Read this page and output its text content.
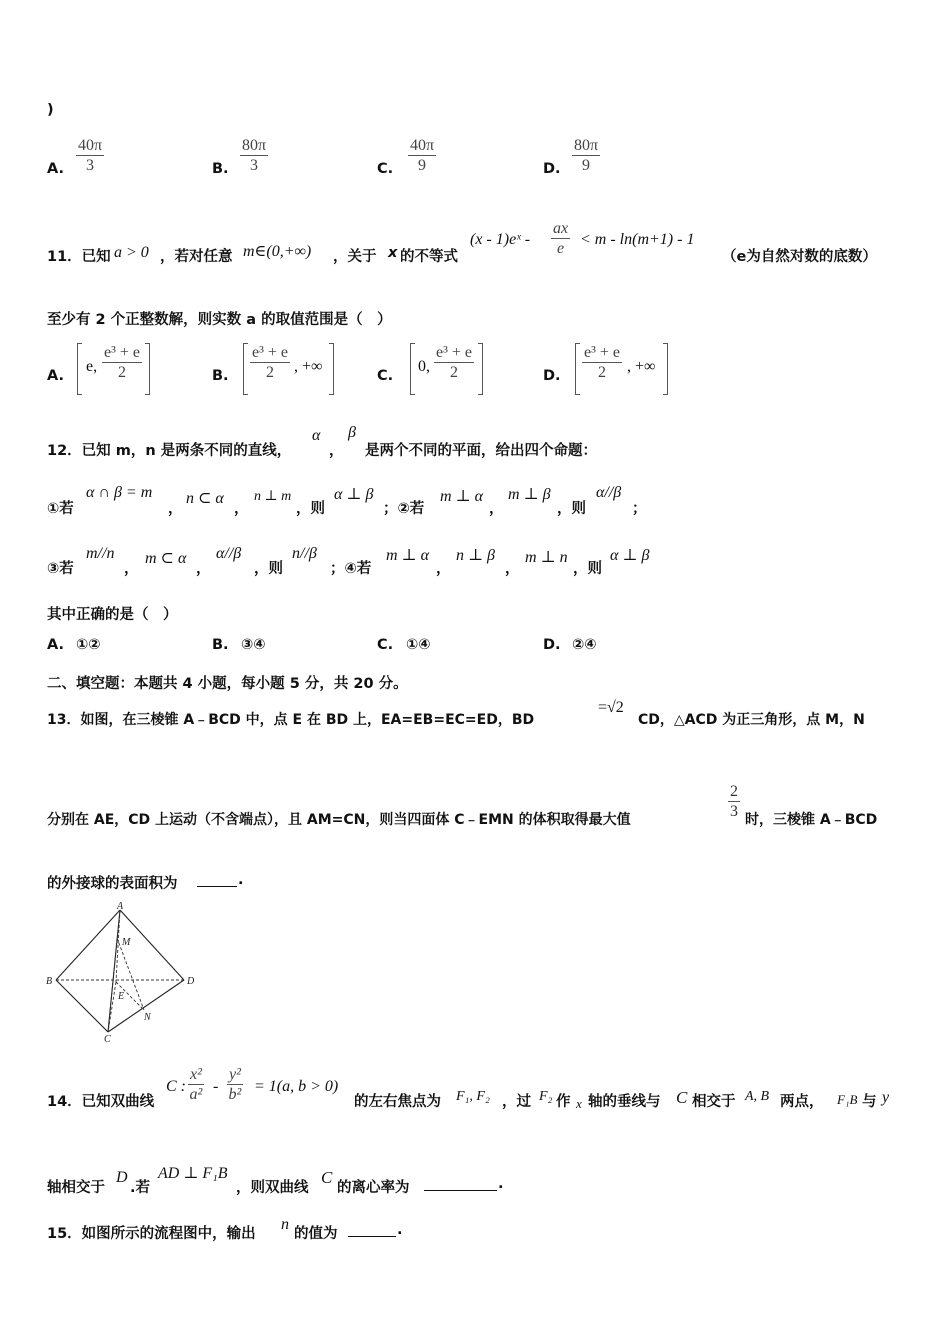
)
A. $\frac{40\pi}{3}$	B. $\frac{80\pi}{3}$	C. $\frac{40\pi}{9}$	D. $\frac{80\pi}{9}$
11．已知 a > 0 ，若对任意 m∈(0,+∞) ，关于 x 的不等式
(x - 1)eˣ - $\frac{ax}{e} < m - \ln(m+1) - 1$
（e为自然对数的底数）
至少有 2 个正整数解，则实数 a 的取值范围是（　）
A.
e, $\frac{\text{e³ + e}}{2}$	B. $\frac{\text{e³ + e}}{2}$ , +∞
C.
0, $\frac{\text{e³ + e}}{2}$	D. $\frac{\text{e³ + e}}{2}$ , +∞
12．已知 m，n 是两条不同的直线，
α
，
β
是两个不同的平面，给出四个命题：
①若
α ∩ β = m
，
n ⊂ α
，
n ⊥ m
，则
α ⊥ β
；②若
m ⊥ α
，
m ⊥ β
，则
α//β
；
③若
m//n
，
m ⊂ α
，
α//β
，则
n//β
；④若
m ⊥ α
，
n ⊥ β
，
m ⊥ n
，则
α ⊥ β
其中正确的是（　）
A. ①②	B. ③④	C. ①④	D. ②④
二、填空题：本题共 4 小题，每小题 5 分，共 20 分。
13．如图，在三棱锥 A﹣BCD 中，点 E 在 BD 上，EA=EB=EC=ED，BD
=√2
CD，△ACD 为正三角形，点 M，N
分别在 AE，CD 上运动（不含端点），且 AM=CN，则当四面体 C﹣EMN 的体积取得最大值	$\frac{2}{3}$ 时，三棱锥 A﹣BCD
的外接球的表面积为	.
A
B
C
D
E
M
N
14．已知双曲线
C : $\frac{\text{x²}}{\text{a²}} - \frac{\text{y²}}{\text{b²}} = 1(a$, b > 0)
的左右焦点为 F₁, F₂ ，过 F₂ 作 x 轴的垂线与 C 相交于 A, B 两点， F₁B 与 y
轴相交于
D
.若
AD ⊥ F₁B
，则双曲线
C
的离心率为	.
15．如图所示的流程图中，输出
n
的值为	.
